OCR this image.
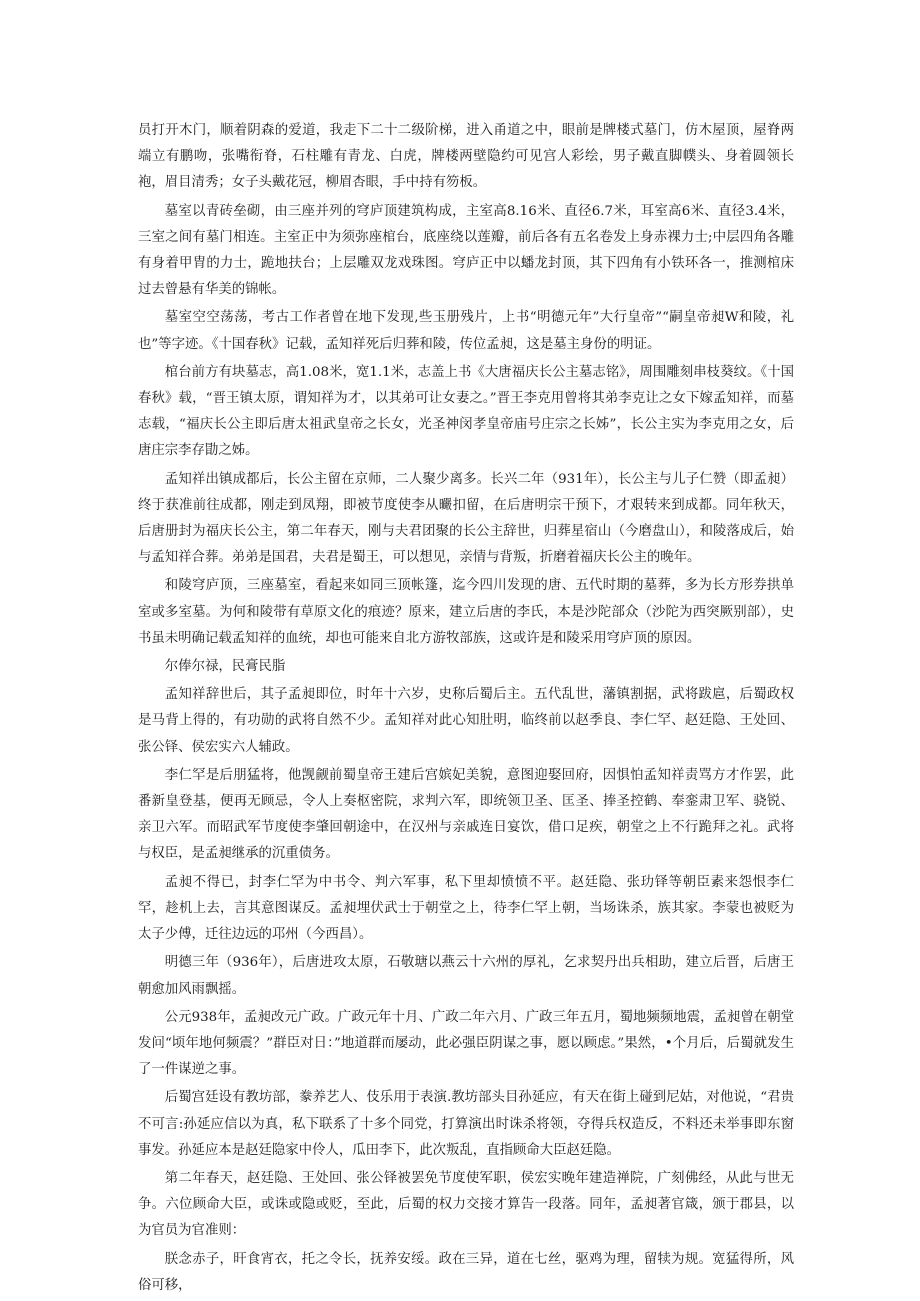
员打开木门，顺着阴森的爱道，我走下二十二级阶梯，进入甬道之中，眼前是牌楼式墓门，仿木屋顶，屋脊两端立有鹏吻，张嘴衔脊，石柱雕有青龙、白虎，牌楼两壁隐约可见宫人彩绘，男子戴直脚幞头、身着圆领长袍，眉目清秀；女子头戴花冠，柳眉杏眼，手中持有笏板。

墓室以青砖垒砌，由三座并列的穹庐顶建筑构成，主室高8.16米、直径6.7米，耳室高6米、直径3.4米，三室之间有墓门相连。主室正中为须弥座棺台，底座绕以莲瓣，前后各有五名卷发上身赤裸力士;中层四角各雕有身着甲胄的力士，跪地扶台；上层雕双龙戏珠图。穹庐正中以蟠龙封顶，其下四角有小铁环各一，推测棺床过去曾悬有华美的锦帐。

墓室空空荡荡，考古工作者曾在地下发现,些玉册残片，上书“明德元年”大行皇帝”“嗣皇帝昶W和陵，礼也”等字迹。《十国春秋》记载，孟知祥死后归葬和陵，传位孟昶，这是墓主身份的明证。

棺台前方有块墓志，高1.08米，宽1.1米，志盖上书《大唐福庆长公主墓志铭》，周围雕刻串枝葵纹。《十国春秋》载，“晋王镇太原，谓知祥为才，以其弟可让女妻之。”晋王李克用曾将其弟李克让之女下嫁孟知祥，而墓志载，“福庆长公主即后唐太祖武皇帝之长女，光圣神闵孝皇帝庙号庄宗之长姊”，长公主实为李克用之女，后唐庄宗李存勖之姊。

孟知祥出镇成都后，长公主留在京师，二人聚少离多。长兴二年（931年），长公主与儿子仁赞（即孟昶）终于获准前往成都，刚走到凤翔，即被节度使李从曮扣留，在后唐明宗干预下，才艰转来到成都。同年秋天，后唐册封为福庆长公主，第二年春天，刚与夫君团聚的长公主辞世，归葬星宿山（今磨盘山），和陵落成后，始与孟知祥合葬。弟弟是国君，夫君是蜀王，可以想见，亲情与背叛，折磨着福庆长公主的晚年。

和陵穹庐顶，三座墓室，看起来如同三顶帐篷，迄今四川发现的唐、五代时期的墓葬，多为长方形券拱单室或多室墓。为何和陵带有草原文化的痕迹？原来，建立后唐的李氏，本是沙陀部众（沙陀为西突厥别部），史书虽未明确记载孟知祥的血统，却也可能来自北方游牧部族，这或许是和陵采用穹庐顶的原因。

尔俸尔禄，民膏民脂

孟知祥辞世后，其子孟昶即位，时年十六岁，史称后蜀后主。五代乱世，藩镇割据，武将跋扈，后蜀政权是马背上得的，有功勋的武将自然不少。孟知祥对此心知肚明，临终前以赵季良、李仁罕、赵廷隐、王处回、张公铎、侯宏实六人辅政。

李仁罕是后朋猛将，他觊觎前蜀皇帝王建后宫嫔妃美貌，意图迎娶回府，因惧怕孟知祥责骂方才作罢，此番新皇登基，便再无顾忌，令人上奏枢密院，求判六军，即统领卫圣、匡圣、捧圣控鹤、奉銮肃卫军、骁锐、亲卫六军。而昭武军节度使李肇回朝途中，在汉州与亲戚连日宴饮，借口足疾，朝堂之上不行跪拜之礼。武将与权臣，是孟昶继承的沉重债务。

孟昶不得已，封李仁罕为中书令、判六军事，私下里却愤愤不平。赵廷隐、张玏铎等朝臣素来怨恨李仁罕，趁机上去，言其意图谋反。孟昶埋伏武士于朝堂之上，待李仁罕上朝，当场诛杀，族其家。李蒙也被贬为太子少傅，迁往边远的邛州（今西昌）。

明德三年（936年），后唐进攻太原，石敬瑭以燕云十六州的厚礼，乞求契丹出兵相助，建立后晋，后唐王朝愈加风雨飘摇。

公元938年，孟昶改元广政。广政元年十月、广政二年六月、广政三年五月，蜀地频频地震，孟昶曾在朝堂发问“顷年地何频震？”群臣对日：”地道群而屡动，此必强臣阴谋之事，愿以顾虑。”果然，•个月后，后蜀就发生了一件谋逆之事。

后蜀宫廷设有教坊部，豢养艺人、伎乐用于表演.教坊部头目孙延应，有天在街上碰到尼姑，对他说，“君贵不可言:孙延应信以为真，私下联系了十多个同党，打算演出时诛杀将领，夺得兵权造反，不料还未举事即东窗事发。孙延应本是赵廷隐家中伶人，瓜田李下，此次叛乱，直指顾命大臣赵廷隐。

第二年春天，赵廷隐、王处回、张公铎被罢免节度使军职，侯宏实晚年建造禅院，广刻佛经，从此与世无争。六位顾命大臣，或诛或隐或贬，至此，后蜀的权力交接才算告一段落。同年，孟昶著官箴，颁于郡县，以为官员为官准则：

朕念赤子，旰食宵衣，托之令长，抚养安绥。政在三异，道在七丝，驱鸡为理，留犊为规。宽猛得所，风俗可移，
